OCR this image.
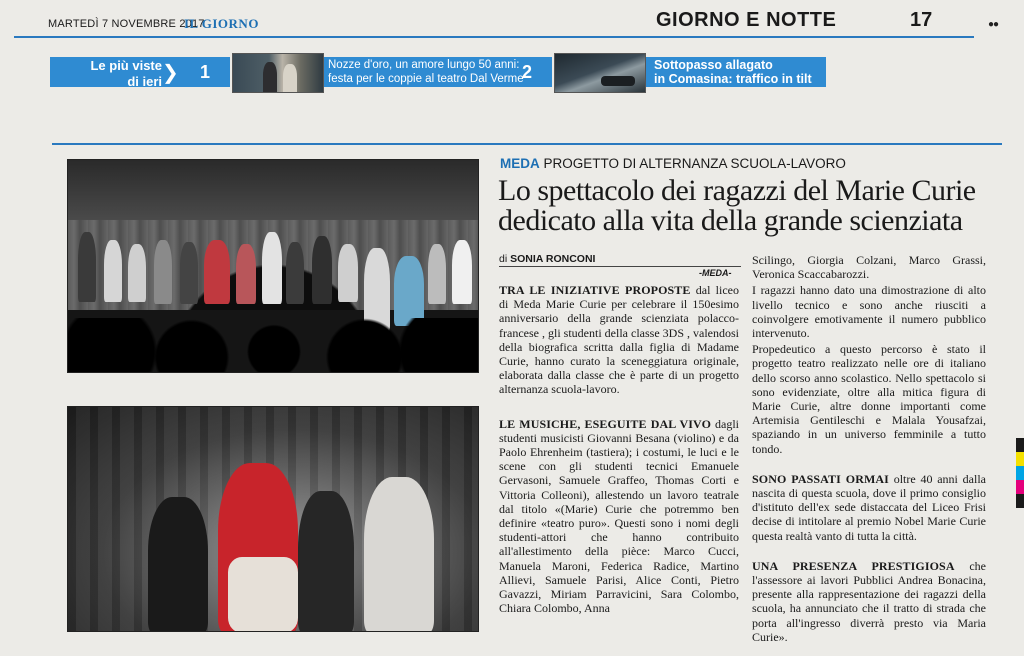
MARTEDÌ 7 NOVEMBRE 2017
IL GIORNO	GIORNO E NOTTE	17	●●
Le più viste
di ieri ❯ 1	Nozze d'oro, un amore lungo 50 anni:
festa per le coppie al teatro Dal Verme
2	Sottopasso allagato
in Comasina: traffico in tilt
MEDA PROGETTO DI ALTERNANZA SCUOLA-LAVORO
Lo spettacolo dei ragazzi del Marie Curie dedicato alla vita della grande scienziata
di SONIA RONCONI
-MEDA-

TRA LE INIZIATIVE PROPOSTE dal liceo di Meda Marie Curie per celebrare il 150esimo anniversario della grande scienziata polacco-francese , gli studenti della classe 3DS , valendosi della biografica scritta dalla figlia di Madame Curie, hanno curato la sceneggiatura originale, elaborata dalla classe che è parte di un progetto alternanza scuola-lavoro.

LE MUSICHE, ESEGUITE DAL VIVO dagli studenti musicisti Giovanni Besana (violino) e da Paolo Ehrenheim (tastiera); i costumi, le luci e le scene con gli studenti tecnici Emanuele Gervasoni, Samuele Graffeo, Thomas Corti e Vittoria Colleoni), allestendo un lavoro teatrale dal titolo «(Marie) Curie che potremmo ben definire «teatro puro». Questi sono i nomi degli studenti-attori che hanno contribuito all'allestimento della pièce: Marco Cucci, Manuela Maroni, Federica Radice, Martino Allievi, Samuele Parisi, Alice Conti, Pietro Gavazzi, Miriam Parravicini, Sara Colombo, Chiara Colombo, Anna

Scilingo, Giorgia Colzani, Marco Grassi, Veronica Scaccabarozzi.

I ragazzi hanno dato una dimostrazione di alto livello tecnico e sono anche riusciti a coinvolgere emotivamente il numero pubblico intervenuto.

Propedeutico a questo percorso è stato il progetto teatro realizzato nelle ore di italiano dello scorso anno scolastico. Nello spettacolo si sono evidenziate, oltre alla mitica figura di Marie Curie, altre donne importanti come Artemisia Gentileschi e Malala Yousafzai, spaziando in un universo femminile a tutto tondo.

SONO PASSATI ORMAI oltre 40 anni dalla nascita di questa scuola, dove il primo consiglio d'istituto dell'ex sede distaccata del Liceo Frisi decise di intitolare al premio Nobel Marie Curie questa realtà vanto di tutta la città.

UNA PRESENZA PRESTIGIOSA che l'assessore ai lavori Pubblici Andrea Bonacina, presente alla rappresentazione dei ragazzi della scuola, ha annunciato che il tratto di strada che porta all'ingresso diverrà presto via Maria Curie».
